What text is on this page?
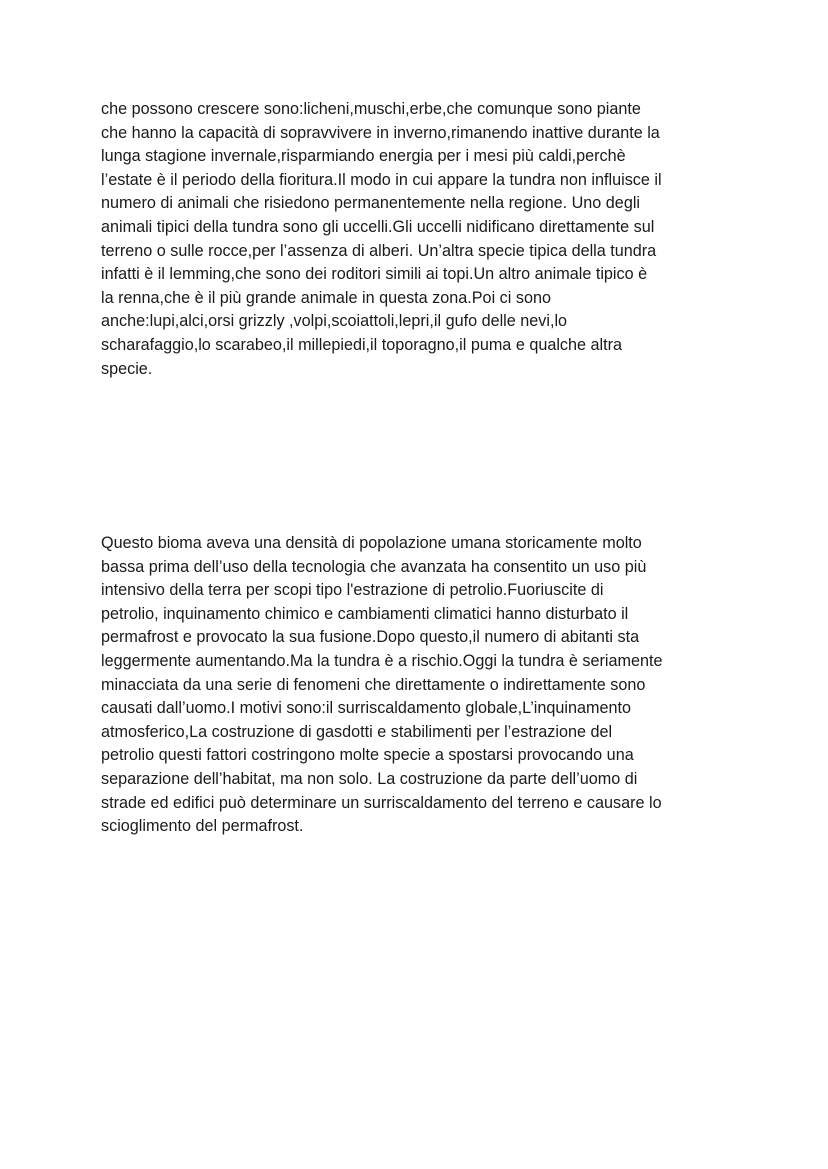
che possono crescere sono:licheni,muschi,erbe,che comunque sono piante
che hanno la capacità di sopravvivere in inverno,rimanendo inattive durante la
lunga stagione invernale,risparmiando energia per i mesi più caldi,perchè
l’estate è il periodo della fioritura.Il modo in cui appare la tundra non influisce il
numero di animali che risiedono permanentemente nella regione. Uno degli
animali tipici della tundra sono gli uccelli.Gli uccelli nidificano direttamente sul
terreno o sulle rocce,per l’assenza di alberi. Un’altra specie tipica della tundra
infatti è il lemming,che sono dei roditori simili ai topi.Un altro animale tipico è
la renna,che è il più grande animale in questa zona.Poi ci sono
anche:lupi,alci,orsi grizzly ,volpi,scoiattoli,lepri,il gufo delle nevi,lo
scharafaggio,lo scarabeo,il millepiedi,il toporagno,il puma e qualche altra
specie.

Questo bioma aveva una densità di popolazione umana storicamente molto
bassa prima dell’uso della tecnologia che avanzata ha consentito un uso più
intensivo della terra per scopi tipo l'estrazione di petrolio.Fuoriuscite di
petrolio, inquinamento chimico e cambiamenti climatici hanno disturbato il
permafrost e provocato la sua fusione.Dopo questo,il numero di abitanti sta
leggermente aumentando.Ma la tundra è a rischio.Oggi la tundra è seriamente
minacciata da una serie di fenomeni che direttamente o indirettamente sono
causati dall’uomo.I motivi sono:il surriscaldamento globale,L’inquinamento
atmosferico,La costruzione di gasdotti e stabilimenti per l’estrazione del
petrolio questi fattori costringono molte specie a spostarsi provocando una
separazione dell’habitat, ma non solo. La costruzione da parte dell’uomo di
strade ed edifici può determinare un surriscaldamento del terreno e causare lo
scioglimento del permafrost.
